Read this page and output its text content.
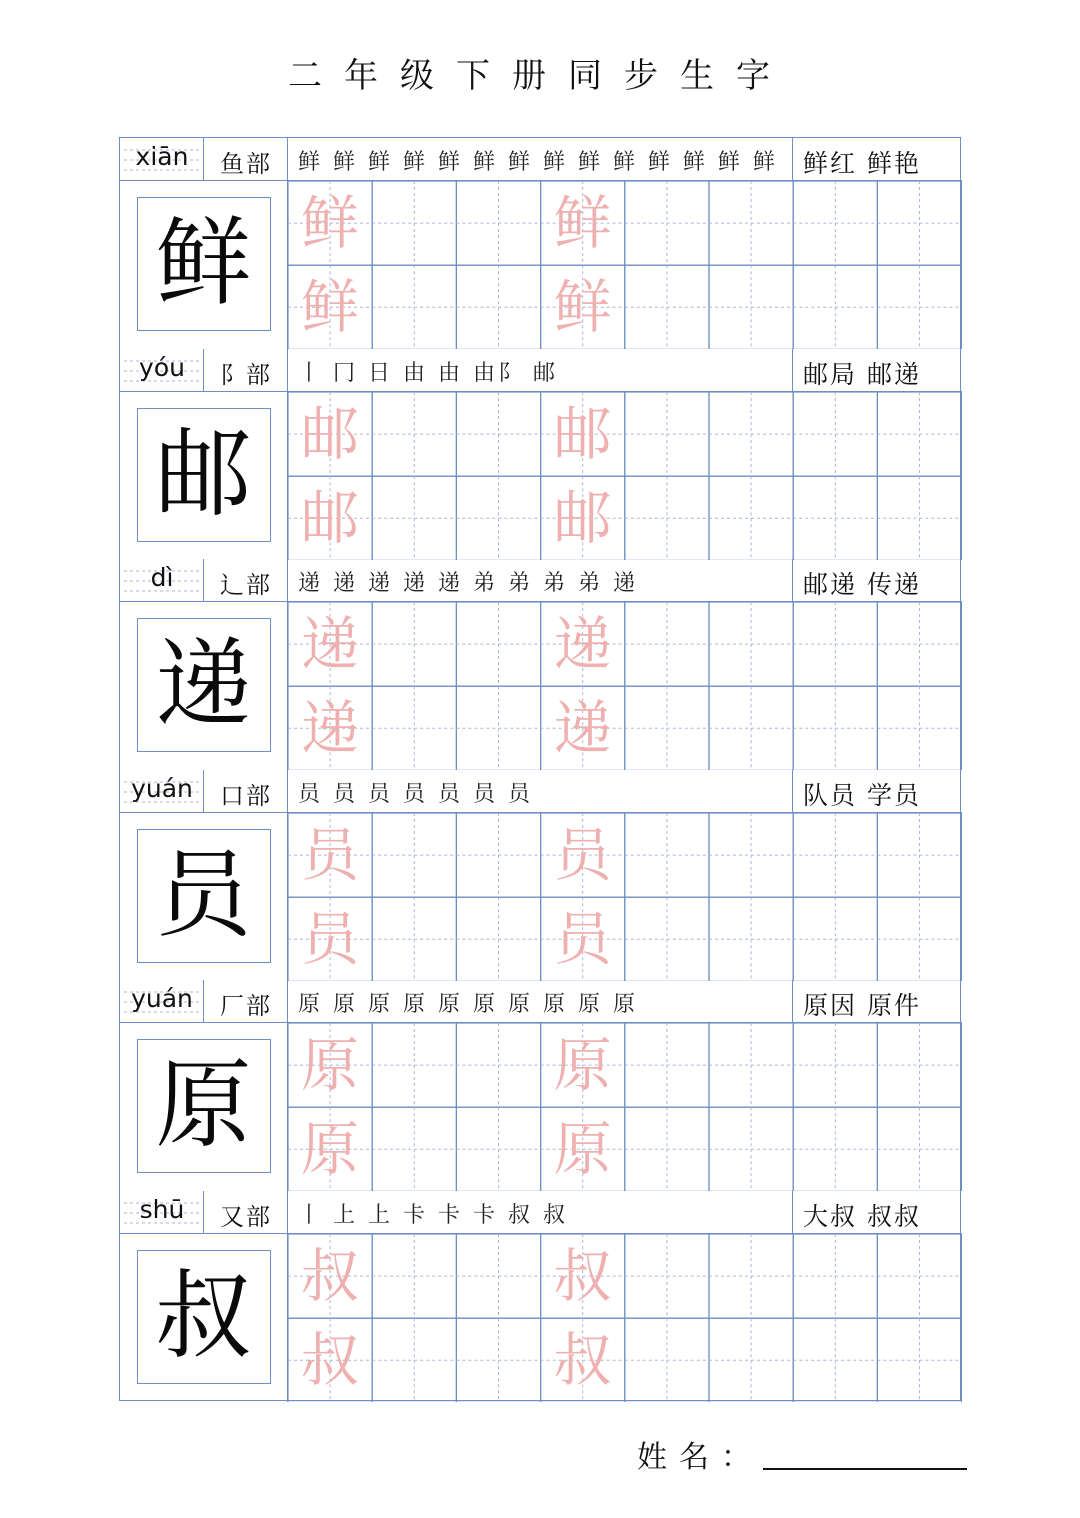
二年级下册同步生字
xiān	鱼部	鲜 鲜 鲜 鲜 鲜 鲜 鲜 鲜 鲜 鲜 鲜 鲜 鲜 鲜 鲜红 鲜艳
鲜 鲜
鲜
鲜
鲜
yóu	阝部	丨 冂 日 由 由 由阝 邮	邮局 邮递
邮 邮
邮
邮
邮
dì	辶部	递 递 递 递 递 弟 弟 弟 弟 递	邮递 传递
递 递
递
递
递
yuán	口部	员 员 员 员 员 员 员	队员 学员
员 员
员
员
员
yuán	厂部	原 原 原 原 原 原 原 原 原 原	原因 原件
原 原
原
原
原
shū	又部	丨 上 上 卡 卡 卡 叔 叔	大叔 叔叔
叔 叔
叔
叔
叔
姓名：
